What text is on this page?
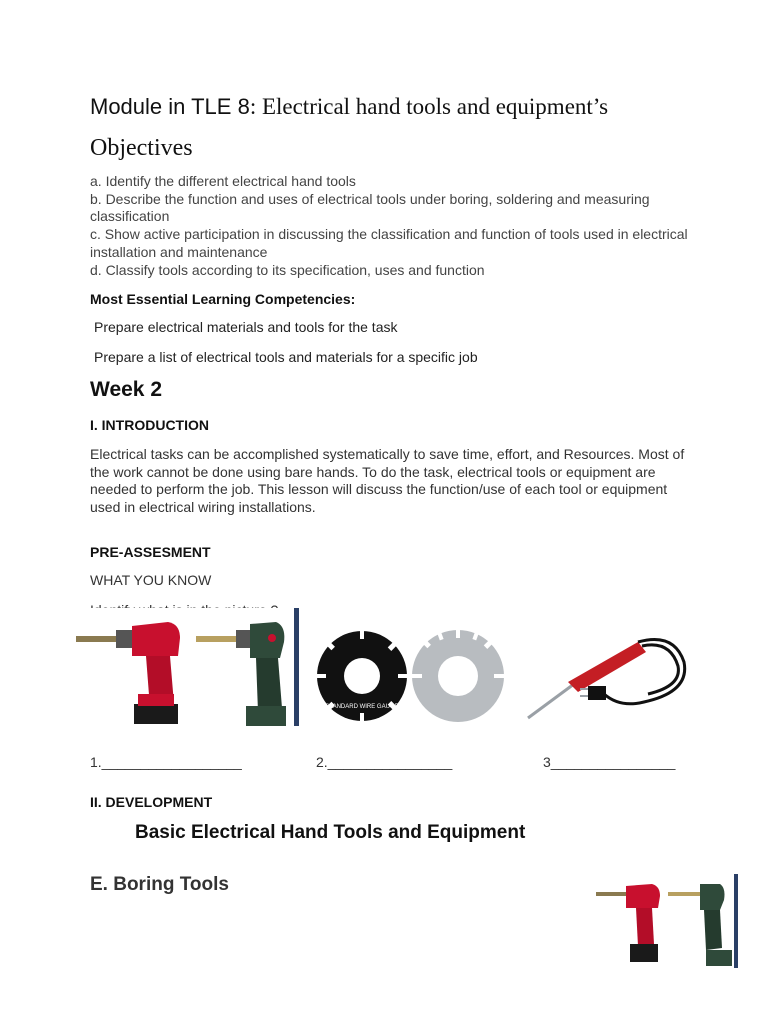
Module in TLE 8: Electrical hand tools and equipment’s
Objectives
a. Identify the different electrical hand tools
b. Describe the function and uses of electrical tools under boring, soldering and measuring classification
c. Show active participation in discussing the classification and function of tools used in electrical installation and maintenance
d. Classify tools according to its specification, uses and function
Most Essential Learning Competencies:
Prepare electrical materials and tools for the task
Prepare a list of electrical tools and materials for a specific job
Week 2
I. INTRODUCTION
Electrical tasks can be accomplished systematically to save time, effort, and Resources. Most of the work cannot be done using bare hands. To do the task, electrical tools or equipment are needed to perform the job. This lesson will discuss the function/use of each tool or equipment used in electrical wiring installations.
PRE-ASSESMENT
WHAT YOU KNOW
STANDARD WIRE GAUGE
1.__________________	2.________________	3________________
II. DEVELOPMENT
Basic Electrical Hand Tools and Equipment
E. Boring Tools
